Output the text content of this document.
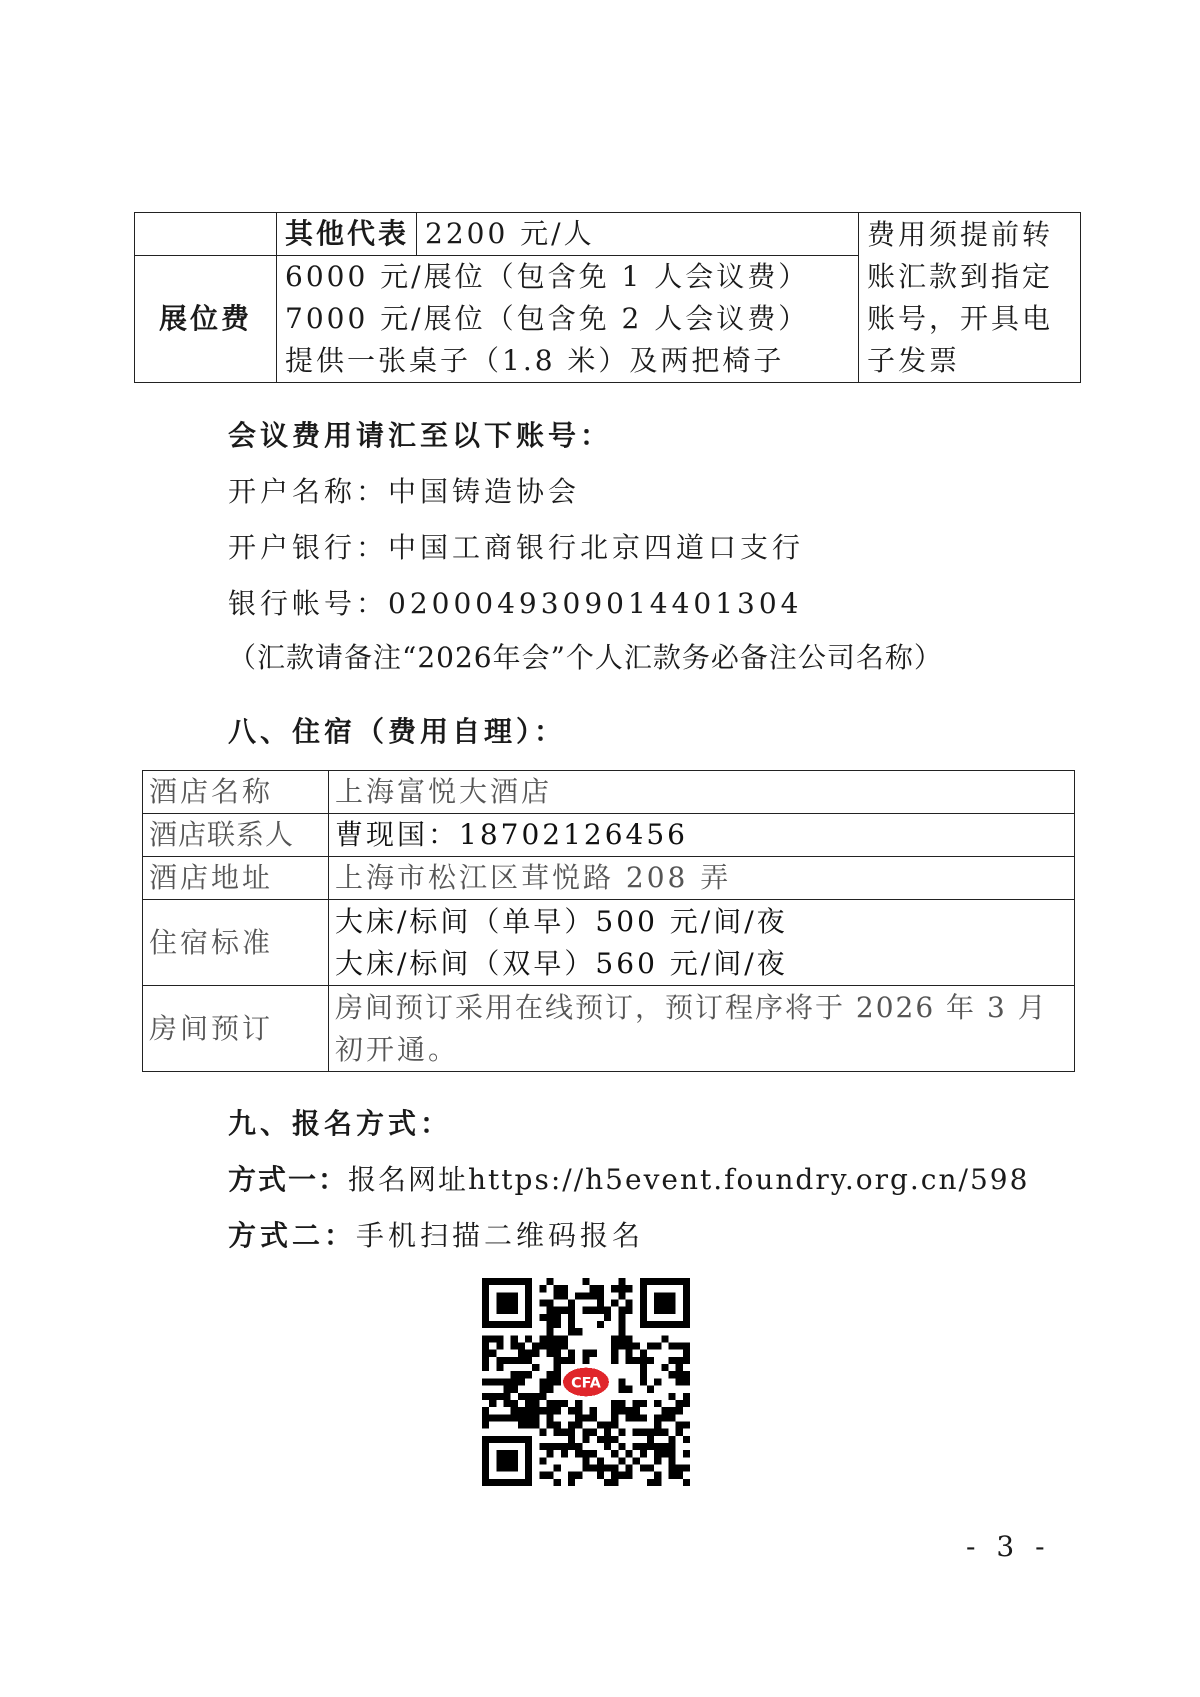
	其他代表	2200 元/人	费用须提前转
账汇款到指定
账号，开具电
子发票

展位费	6000 元/展位（包含免 1 人会议费）
7000 元/展位（包含免 2 人会议费）
提供一张桌子（1.8 米）及两把椅子		
会议费用请汇至以下账号：
开户名称：中国铸造协会
开户银行：中国工商银行北京四道口支行
银行帐号：0200049309014401304
（汇款请备注“2026年会”个人汇款务必备注公司名称）
八、住宿（费用自理）：
酒店名称	上海富悦大酒店
酒店联系人	曹现国：18702126456
酒店地址	上海市松江区茸悦路 208 弄
住宿标准	大床/标间（单早）500 元/间/夜
大床/标间（双早）560 元/间/夜

房间预订	房间预订采用在线预订，预订程序将于 2026 年 3 月
初开通。
九、报名方式：
方式一：报名网址https://h5event.foundry.org.cn/598
方式二：手机扫描二维码报名
CFA
- 3 -
